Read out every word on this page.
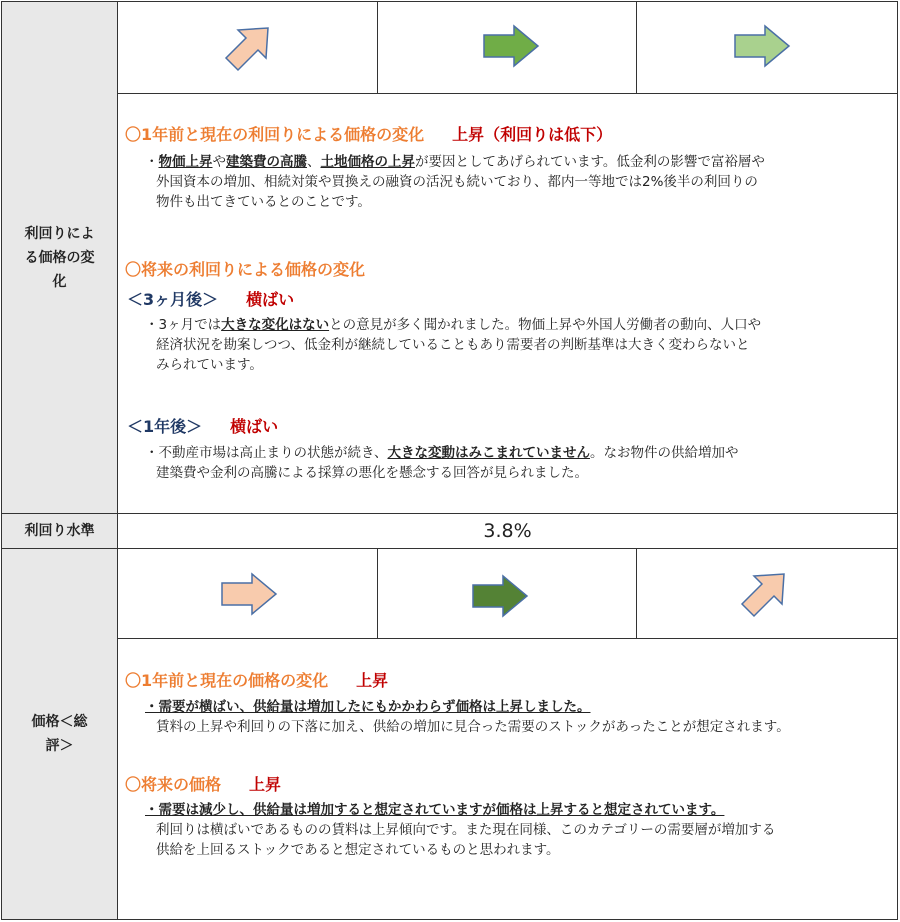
利回りによる価格の変化
〇1年前と現在の利回りによる価格の変化 上昇（利回りは低下）
・物価上昇や建築費の高騰、土地価格の上昇が要因としてあげられています。低金利の影響で富裕層や
外国資本の増加、相続対策や買換えの融資の活況も続いており、都内一等地では2%後半の利回りの
物件も出てきているとのことです。
〇将来の利回りによる価格の変化
＜3ヶ月後＞ 横ばい
・3ヶ月では大きな変化はないとの意見が多く聞かれました。物価上昇や外国人労働者の動向、人口や
経済状況を勘案しつつ、低金利が継続していることもあり需要者の判断基準は大きく変わらないと
みられています。
＜1年後＞ 横ばい
・不動産市場は高止まりの状態が続き、大きな変動はみこまれていません。なお物件の供給増加や
建築費や金利の高騰による採算の悪化を懸念する回答が見られました。
利回り水準	3.8%
価格＜総評＞
〇1年前と現在の価格の変化 上昇
・需要が横ばい、供給量は増加したにもかかわらず価格は上昇しました。
賃料の上昇や利回りの下落に加え、供給の増加に見合った需要のストックがあったことが想定されます。
〇将来の価格 上昇
・需要は減少し、供給量は増加すると想定されていますが価格は上昇すると想定されています。
利回りは横ばいであるものの賃料は上昇傾向です。また現在同様、このカテゴリーの需要層が増加する
供給を上回るストックであると想定されているものと思われます。
